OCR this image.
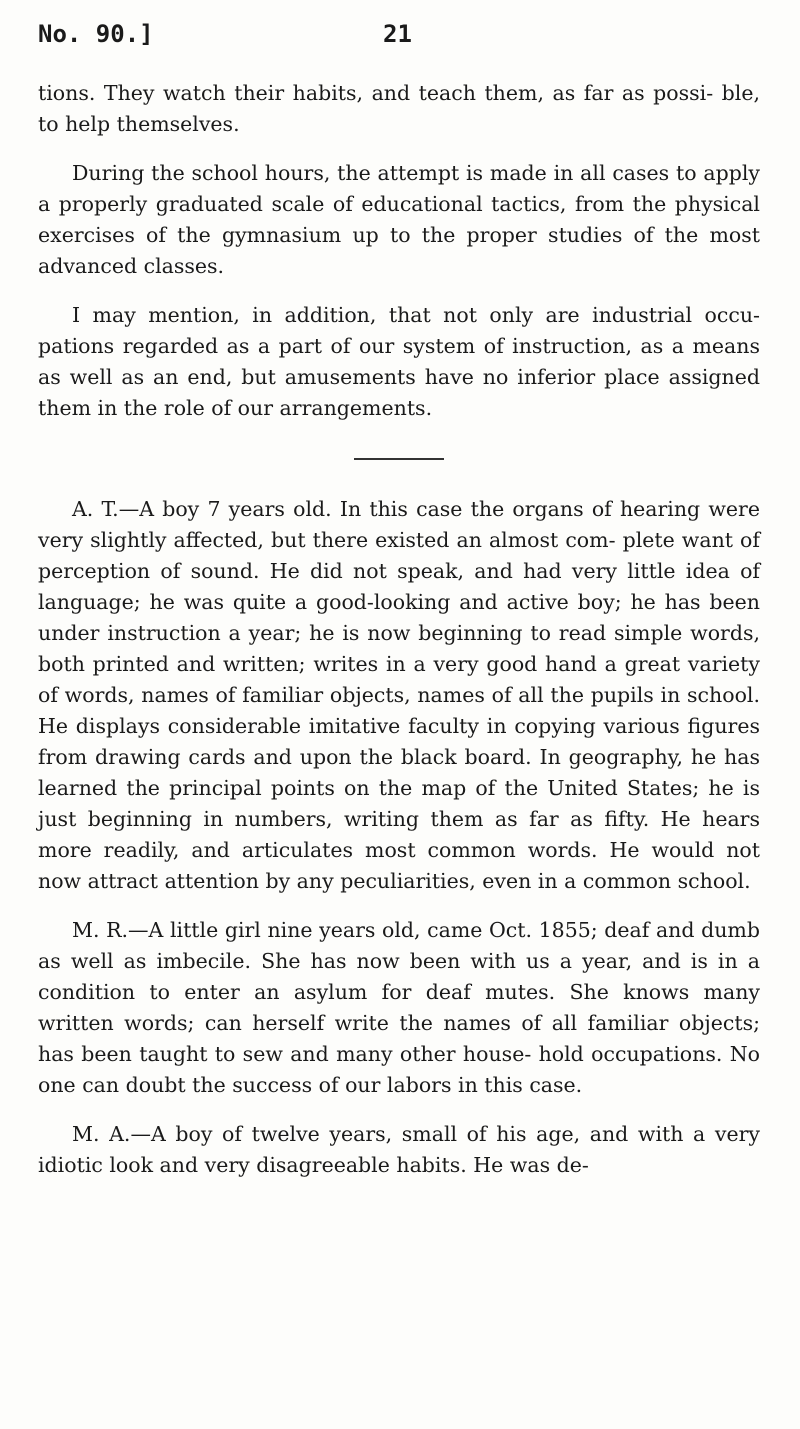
No. 90.]	21

tions. They watch their habits, and teach them, as far as possi- ble, to help themselves.

During the school hours, the attempt is made in all cases to apply a properly graduated scale of educational tactics, from the physical exercises of the gymnasium up to the proper studies of the most advanced classes.

I may mention, in addition, that not only are industrial occu- pations regarded as a part of our system of instruction, as a means as well as an end, but amusements have no inferior place assigned them in the role of our arrangements.

A. T.—A boy 7 years old. In this case the organs of hearing were very slightly affected, but there existed an almost com- plete want of perception of sound. He did not speak, and had very little idea of language; he was quite a good-looking and active boy; he has been under instruction a year; he is now beginning to read simple words, both printed and written; writes in a very good hand a great variety of words, names of familiar objects, names of all the pupils in school. He displays considerable imitative faculty in copying various figures from drawing cards and upon the black board. In geography, he has learned the principal points on the map of the United States; he is just beginning in numbers, writing them as far as fifty. He hears more readily, and articulates most common words. He would not now attract attention by any peculiarities, even in a common school.

M. R.—A little girl nine years old, came Oct. 1855; deaf and dumb as well as imbecile. She has now been with us a year, and is in a condition to enter an asylum for deaf mutes. She knows many written words; can herself write the names of all familiar objects; has been taught to sew and many other house- hold occupations. No one can doubt the success of our labors in this case.

M. A.—A boy of twelve years, small of his age, and with a very idiotic look and very disagreeable habits. He was de-
